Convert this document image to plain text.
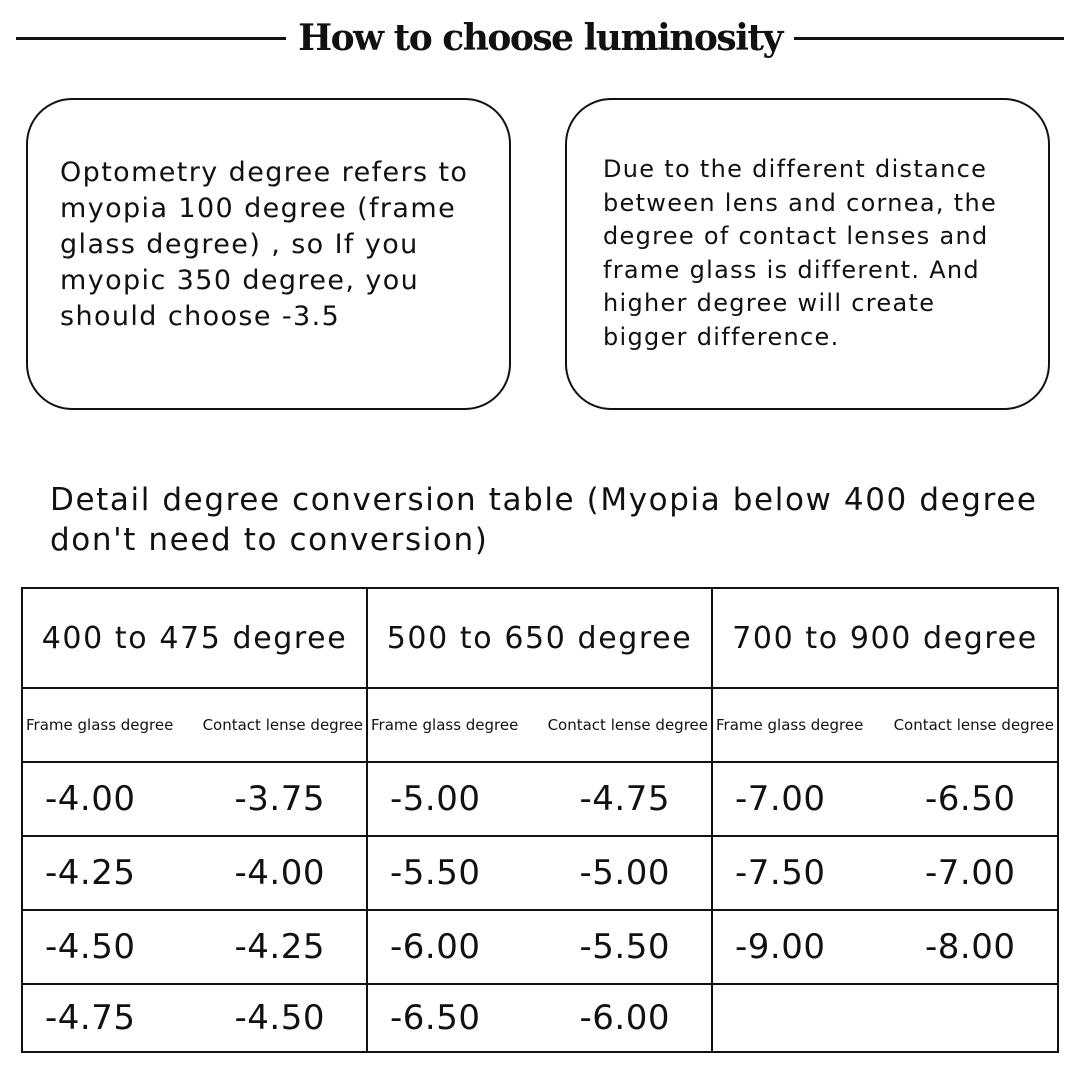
How to choose luminosity
Optometry degree refers to
myopia 100 degree (frame
glass degree) , so If you
myopic 350 degree, you
should choose -3.5
Due to the different distance
between lens and cornea, the
degree of contact lenses and
frame glass is different. And
higher degree will create
bigger difference.
Detail degree conversion table (Myopia below 400 degree don't need to conversion)
400 to 475 degree	500 to 650 degree	700 to 900 degree

Frame glass degree Contact lense degree	Frame glass degree Contact lense degree	Frame glass degree Contact lense degree

-4.00 -3.75	-5.00 -4.75	-7.00 -6.50

-4.25 -4.00	-5.50 -5.00	-7.50 -7.00

-4.50 -4.25	-6.00 -5.50	-9.00 -8.00

-4.75 -4.50	-6.50 -6.00	
